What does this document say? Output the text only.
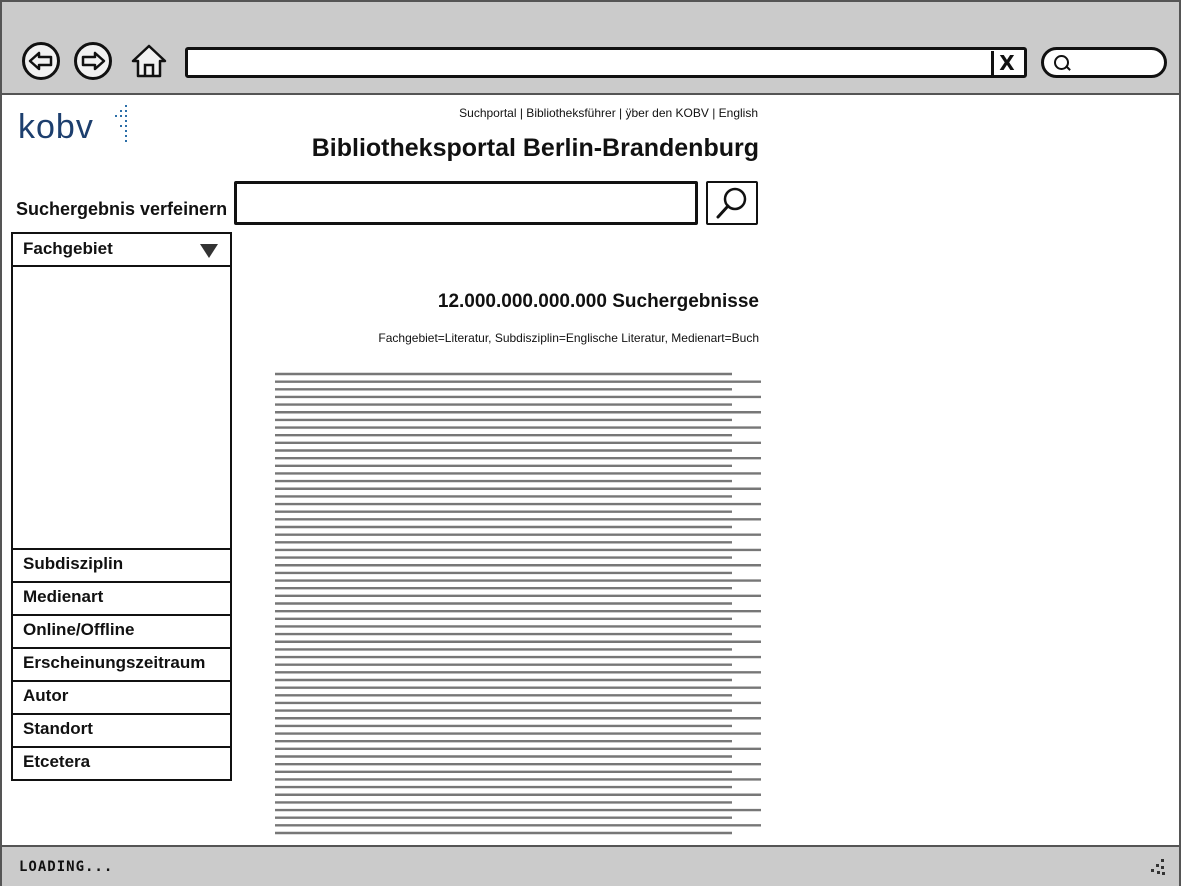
X
kobv	Suchportal | Bibliotheksführer | ÿber den KOBV | English
Bibliotheksportal Berlin-Brandenburg
Suchergebnis verfeinern
Fachgebiet
Subdisziplin
Medienart
Online/Offline
Erscheinungszeitraum
Autor
Standort
Etcetera
12.000.000.000.000 Suchergebnisse
Fachgebiet=Literatur, Subdisziplin=Englische Literatur, Medienart=Buch
LOADING...
